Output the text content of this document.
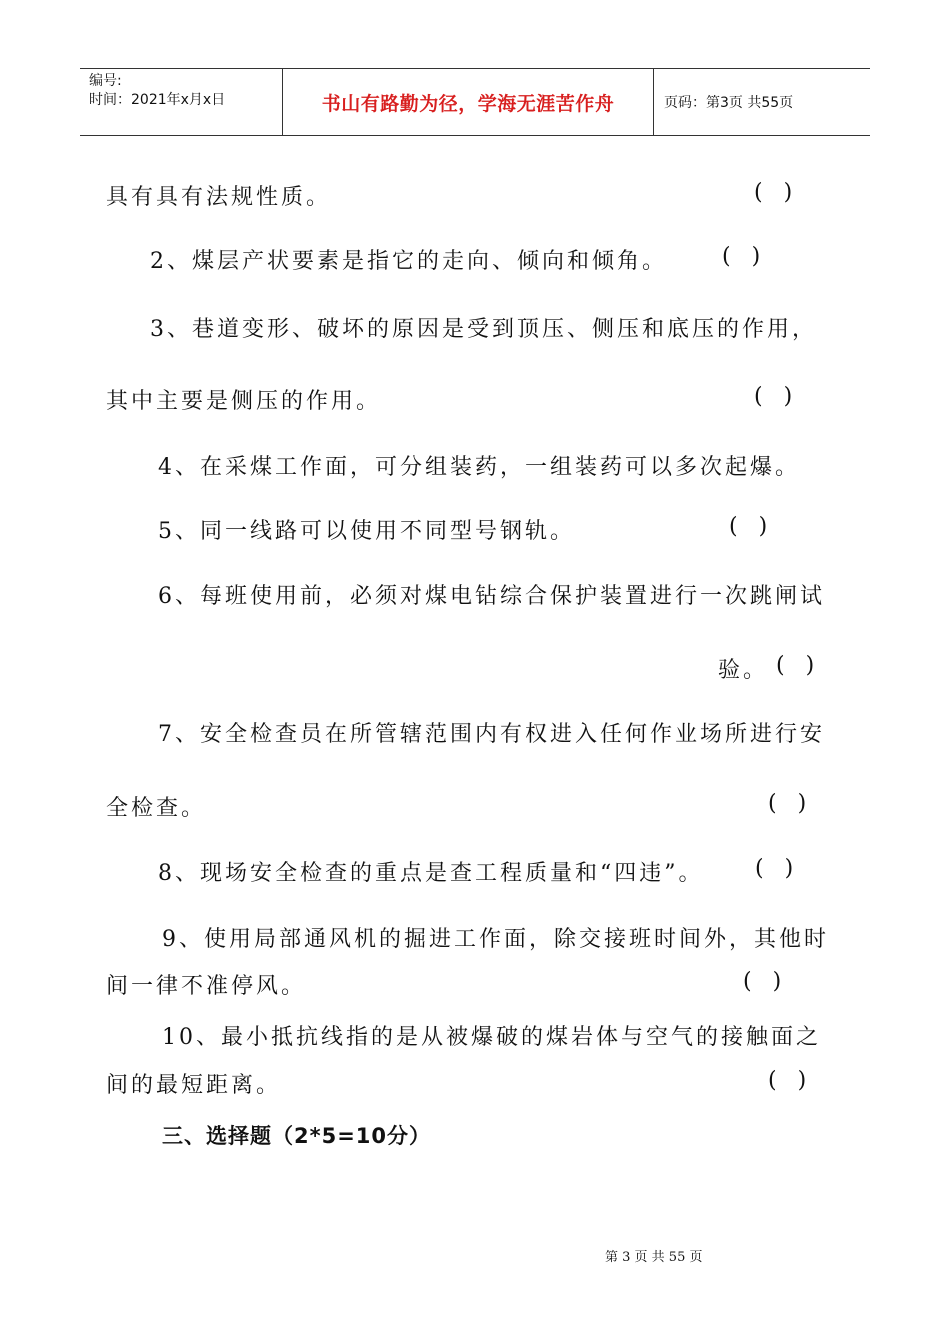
编号:
时间：2021年x月x日	书山有路勤为径，学海无涯苦作舟	页码：第3页 共55页
具有具有法规性质。	(   )
2、煤层产状要素是指它的走向、倾向和倾角。	(   )
3、巷道变形、破坏的原因是受到顶压、侧压和底压的作用，
其中主要是侧压的作用。	(   )
4、在采煤工作面，可分组装药，一组装药可以多次起爆。
5、同一线路可以使用不同型号钢轨。	(   )
6、每班使用前，必须对煤电钻综合保护装置进行一次跳闸试
验。 (   )
7、安全检查员在所管辖范围内有权进入任何作业场所进行安
全检查。	(   )
8、现场安全检查的重点是查工程质量和“四违”。 (   )
9、使用局部通风机的掘进工作面，除交接班时间外，其他时
间一律不准停风。	(   )
10、最小抵抗线指的是从被爆破的煤岩体与空气的接触面之
间的最短距离。	(   )
三、选择题（2*5=10分）
第 3 页 共 55 页
